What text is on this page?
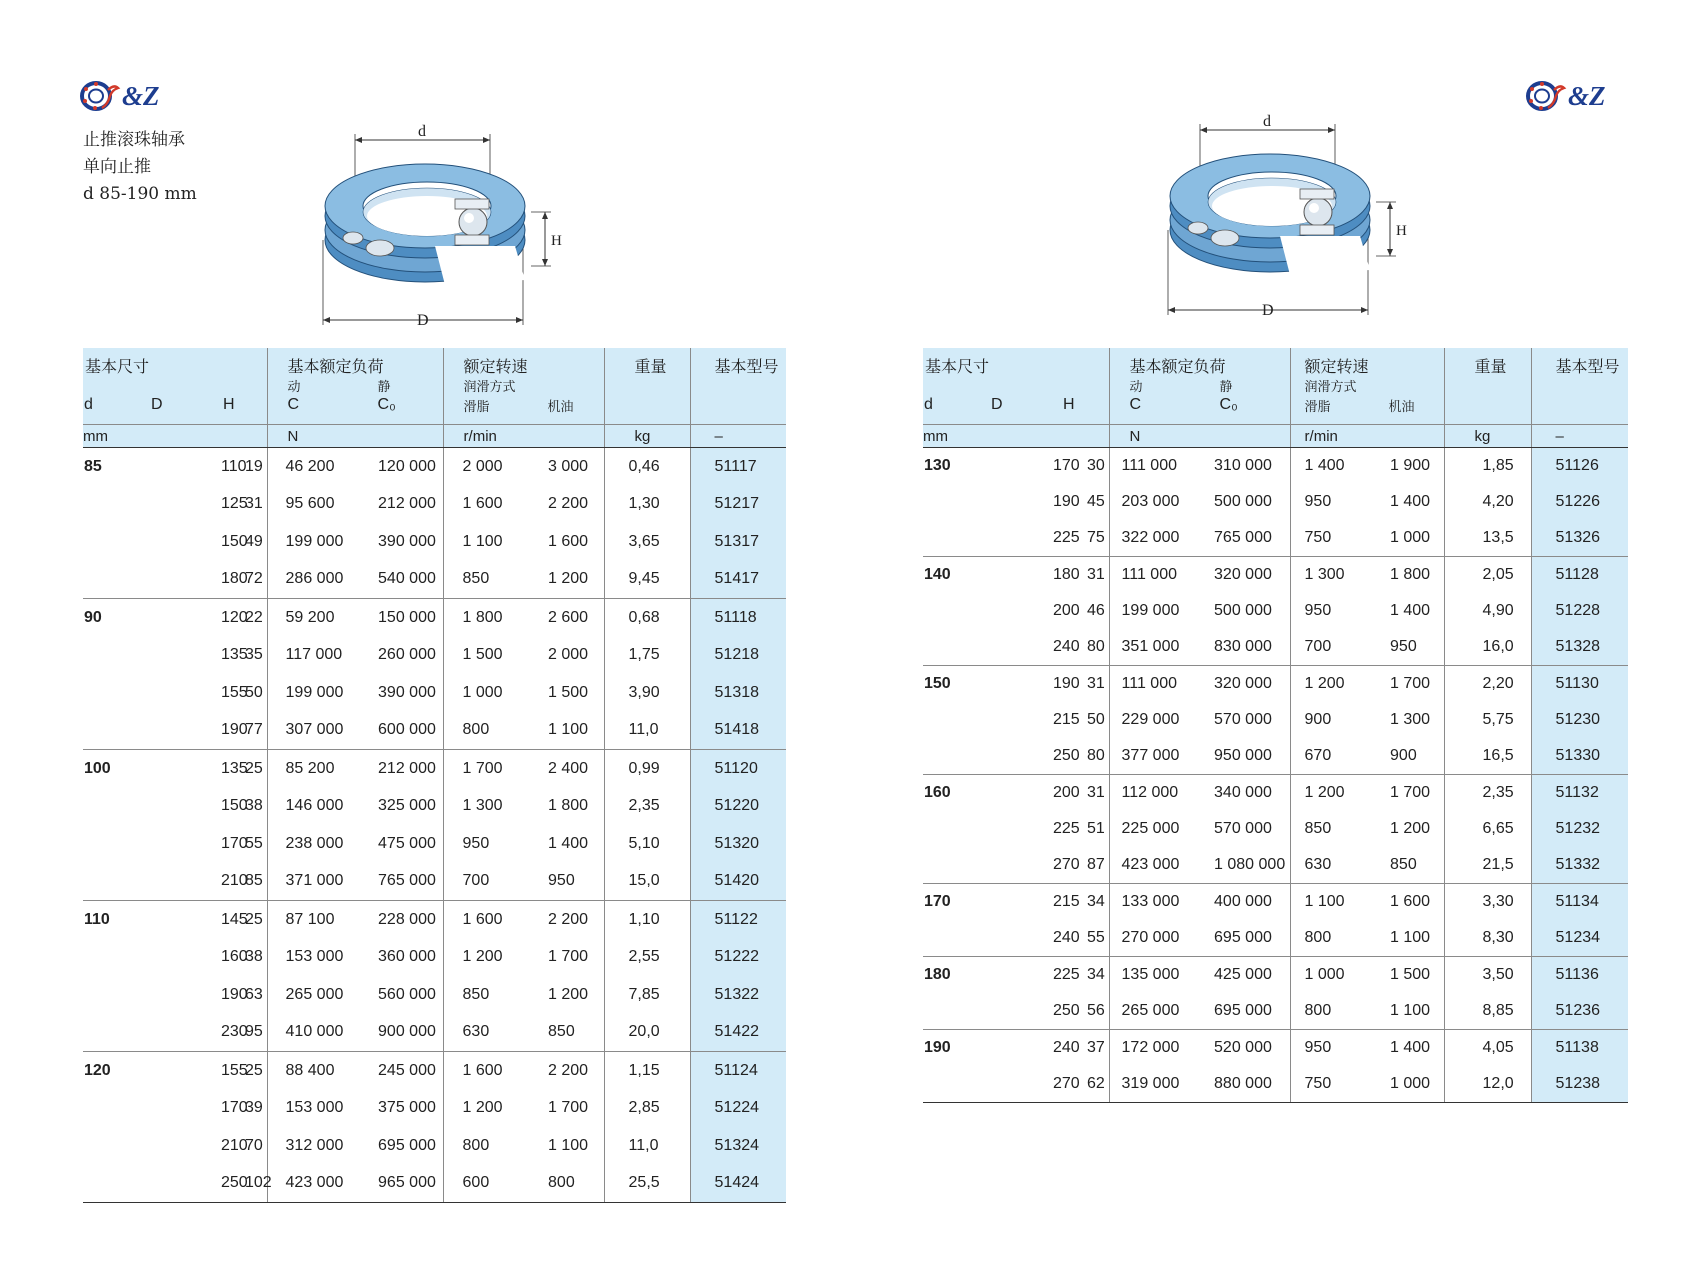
&Z	&Z
止推滚珠轴承
单向止推
d 85-190 mm
d
D
H
d
D
H
基本尺寸
d D H			基本额定负荷
动 静
C C₀		额定转速
润滑方式
滑脂 机油		重量	基本型号

mm			N		r/min		kg	–
85	110	19	46 200	120 000	2 000	3 000	0,46	51117
	125	31	95 600	212 000	1 600	2 200	1,30	51217
	150	49	199 000	390 000	1 100	1 600	3,65	51317
	180	72	286 000	540 000	850	1 200	9,45	51417
90	120	22	59 200	150 000	1 800	2 600	0,68	51118
	135	35	117 000	260 000	1 500	2 000	1,75	51218
	155	50	199 000	390 000	1 000	1 500	3,90	51318
	190	77	307 000	600 000	800	1 100	11,0	51418
100	135	25	85 200	212 000	1 700	2 400	0,99	51120
	150	38	146 000	325 000	1 300	1 800	2,35	51220
	170	55	238 000	475 000	950	1 400	5,10	51320
	210	85	371 000	765 000	700	950	15,0	51420
110	145	25	87 100	228 000	1 600	2 200	1,10	51122
	160	38	153 000	360 000	1 200	1 700	2,55	51222
	190	63	265 000	560 000	850	1 200	7,85	51322
	230	95	410 000	900 000	630	850	20,0	51422
120	155	25	88 400	245 000	1 600	2 200	1,15	51124
	170	39	153 000	375 000	1 200	1 700	2,85	51224
	210	70	312 000	695 000	800	1 100	11,0	51324
	250	102	423 000	965 000	600	800	25,5	51424
基本尺寸
d D H			基本额定负荷
动 静
C C₀		额定转速
润滑方式
滑脂 机油		重量	基本型号

mm			N		r/min		kg	–
130	170	30	111 000	310 000	1 400	1 900	1,85	51126
	190	45	203 000	500 000	950	1 400	4,20	51226
	225	75	322 000	765 000	750	1 000	13,5	51326
140	180	31	111 000	320 000	1 300	1 800	2,05	51128
	200	46	199 000	500 000	950	1 400	4,90	51228
	240	80	351 000	830 000	700	950	16,0	51328
150	190	31	111 000	320 000	1 200	1 700	2,20	51130
	215	50	229 000	570 000	900	1 300	5,75	51230
	250	80	377 000	950 000	670	900	16,5	51330
160	200	31	112 000	340 000	1 200	1 700	2,35	51132
	225	51	225 000	570 000	850	1 200	6,65	51232
	270	87	423 000	1 080 000	630	850	21,5	51332
170	215	34	133 000	400 000	1 100	1 600	3,30	51134
	240	55	270 000	695 000	800	1 100	8,30	51234
180	225	34	135 000	425 000	1 000	1 500	3,50	51136
	250	56	265 000	695 000	800	1 100	8,85	51236
190	240	37	172 000	520 000	950	1 400	4,05	51138
	270	62	319 000	880 000	750	1 000	12,0	51238
